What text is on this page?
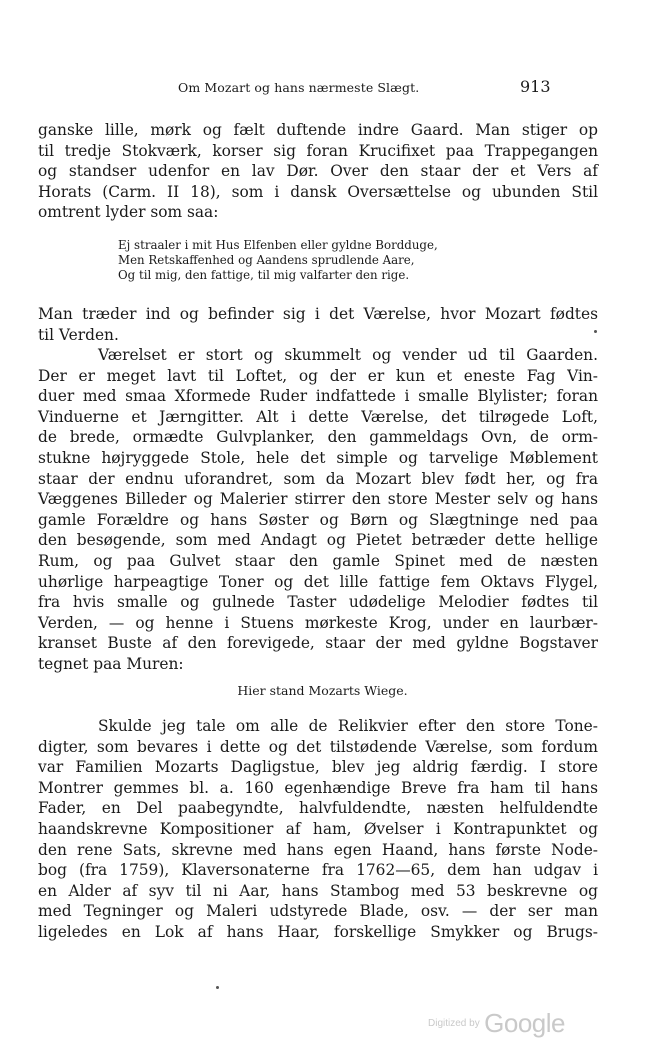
Om Mozart og hans nærmeste Slægt.	913

ganske lille, mørk og fælt duftende indre Gaard. Man stiger op
til tredje Stokværk, korser sig foran Krucifixet paa Trappegangen
og standser udenfor en lav Dør. Over den staar der et Vers af
Horats (Carm. II 18), som i dansk Oversættelse og ubunden Stil
omtrent lyder som saa:

Ej straaler i mit Hus Elfenben eller gyldne Bordduge,
Men Retskaffenhed og Aandens sprudlende Aare,
Og til mig, den fattige, til mig valfarter den rige.

Man træder ind og befinder sig i det Værelse, hvor Mozart fødtes
til Verden.

Værelset er stort og skummelt og vender ud til Gaarden.
Der er meget lavt til Loftet, og der er kun et eneste Fag Vin-
duer med smaa Xformede Ruder indfattede i smalle Blylister; foran
Vinduerne et Jærngitter. Alt i dette Værelse, det tilrøgede Loft,
de brede, ormædte Gulvplanker, den gammeldags Ovn, de orm-
stukne højryggede Stole, hele det simple og tarvelige Møblement
staar der endnu uforandret, som da Mozart blev født her, og fra
Væggenes Billeder og Malerier stirrer den store Mester selv og hans
gamle Forældre og hans Søster og Børn og Slægtninge ned paa
den besøgende, som med Andagt og Pietet betræder dette hellige
Rum, og paa Gulvet staar den gamle Spinet med de næsten
uhørlige harpeagtige Toner og det lille fattige fem Oktavs Flygel,
fra hvis smalle og gulnede Taster udødelige Melodier fødtes til
Verden, — og henne i Stuens mørkeste Krog, under en laurbær-
kranset Buste af den forevigede, staar der med gyldne Bogstaver
tegnet paa Muren:

Hier stand Mozarts Wiege.

Skulde jeg tale om alle de Relikvier efter den store Tone-
digter, som bevares i dette og det tilstødende Værelse, som fordum
var Familien Mozarts Dagligstue, blev jeg aldrig færdig. I store
Montrer gemmes bl. a. 160 egenhændige Breve fra ham til hans
Fader, en Del paabegyndte, halvfuldendte, næsten helfuldendte
haandskrevne Kompositioner af ham, Øvelser i Kontrapunktet og
den rene Sats, skrevne med hans egen Haand, hans første Node-
bog (fra 1759), Klaversonaterne fra 1762—65, dem han udgav i
en Alder af syv til ni Aar, hans Stambog med 53 beskrevne og
med Tegninger og Maleri udstyrede Blade, osv. — der ser man
ligeledes en Lok af hans Haar, forskellige Smykker og Brugs-

Digitized by Google
